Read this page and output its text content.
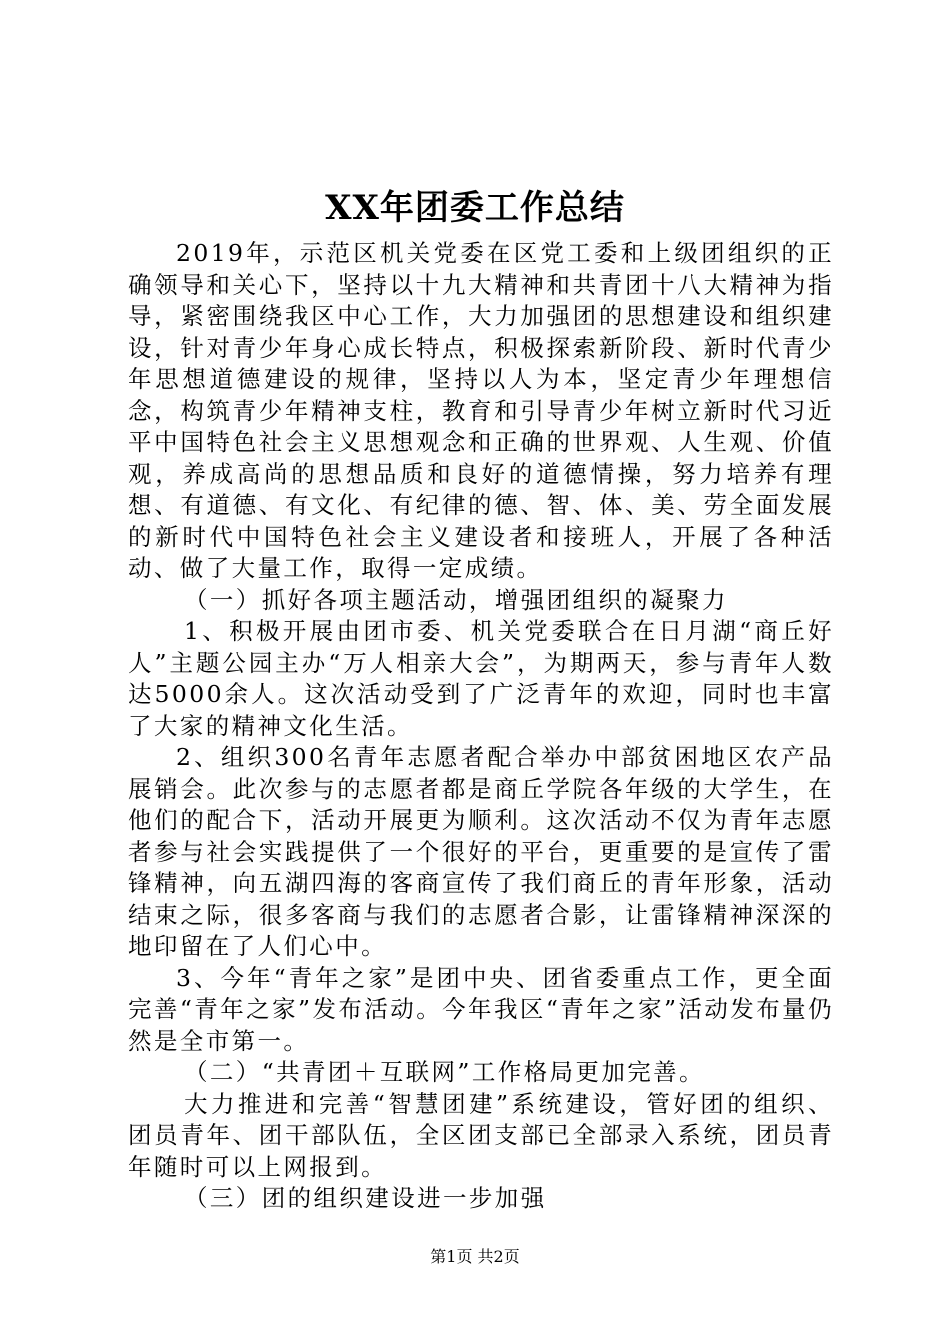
XX年团委工作总结

2019年，示范区机关党委在区党工委和上级团组织的正确领导和关心下，坚持以十九大精神和共青团十八大精神为指导，紧密围绕我区中心工作，大力加强团的思想建设和组织建设，针对青少年身心成长特点，积极探索新阶段、新时代青少年思想道德建设的规律，坚持以人为本，坚定青少年理想信念，构筑青少年精神支柱，教育和引导青少年树立新时代习近平中国特色社会主义思想观念和正确的世界观、人生观、价值观，养成高尚的思想品质和良好的道德情操，努力培养有理想、有道德、有文化、有纪律的德、智、体、美、劳全面发展的新时代中国特色社会主义建设者和接班人，开展了各种活动、做了大量工作，取得一定成绩。

（一）抓好各项主题活动，增强团组织的凝聚力

1、积极开展由团市委、机关党委联合在日月湖“商丘好人”主题公园主办“万人相亲大会”，为期两天，参与青年人数达5000余人。这次活动受到了广泛青年的欢迎，同时也丰富了大家的精神文化生活。

2、组织300名青年志愿者配合举办中部贫困地区农产品展销会。此次参与的志愿者都是商丘学院各年级的大学生，在他们的配合下，活动开展更为顺利。这次活动不仅为青年志愿者参与社会实践提供了一个很好的平台，更重要的是宣传了雷锋精神，向五湖四海的客商宣传了我们商丘的青年形象，活动结束之际，很多客商与我们的志愿者合影，让雷锋精神深深的地印留在了人们心中。

3、今年“青年之家”是团中央、团省委重点工作，更全面完善“青年之家”发布活动。今年我区“青年之家”活动发布量仍然是全市第一。

（二）“共青团＋互联网”工作格局更加完善。

大力推进和完善“智慧团建”系统建设，管好团的组织、团员青年、团干部队伍，全区团支部已全部录入系统，团员青年随时可以上网报到。

（三）团的组织建设进一步加强

第1页 共2页
